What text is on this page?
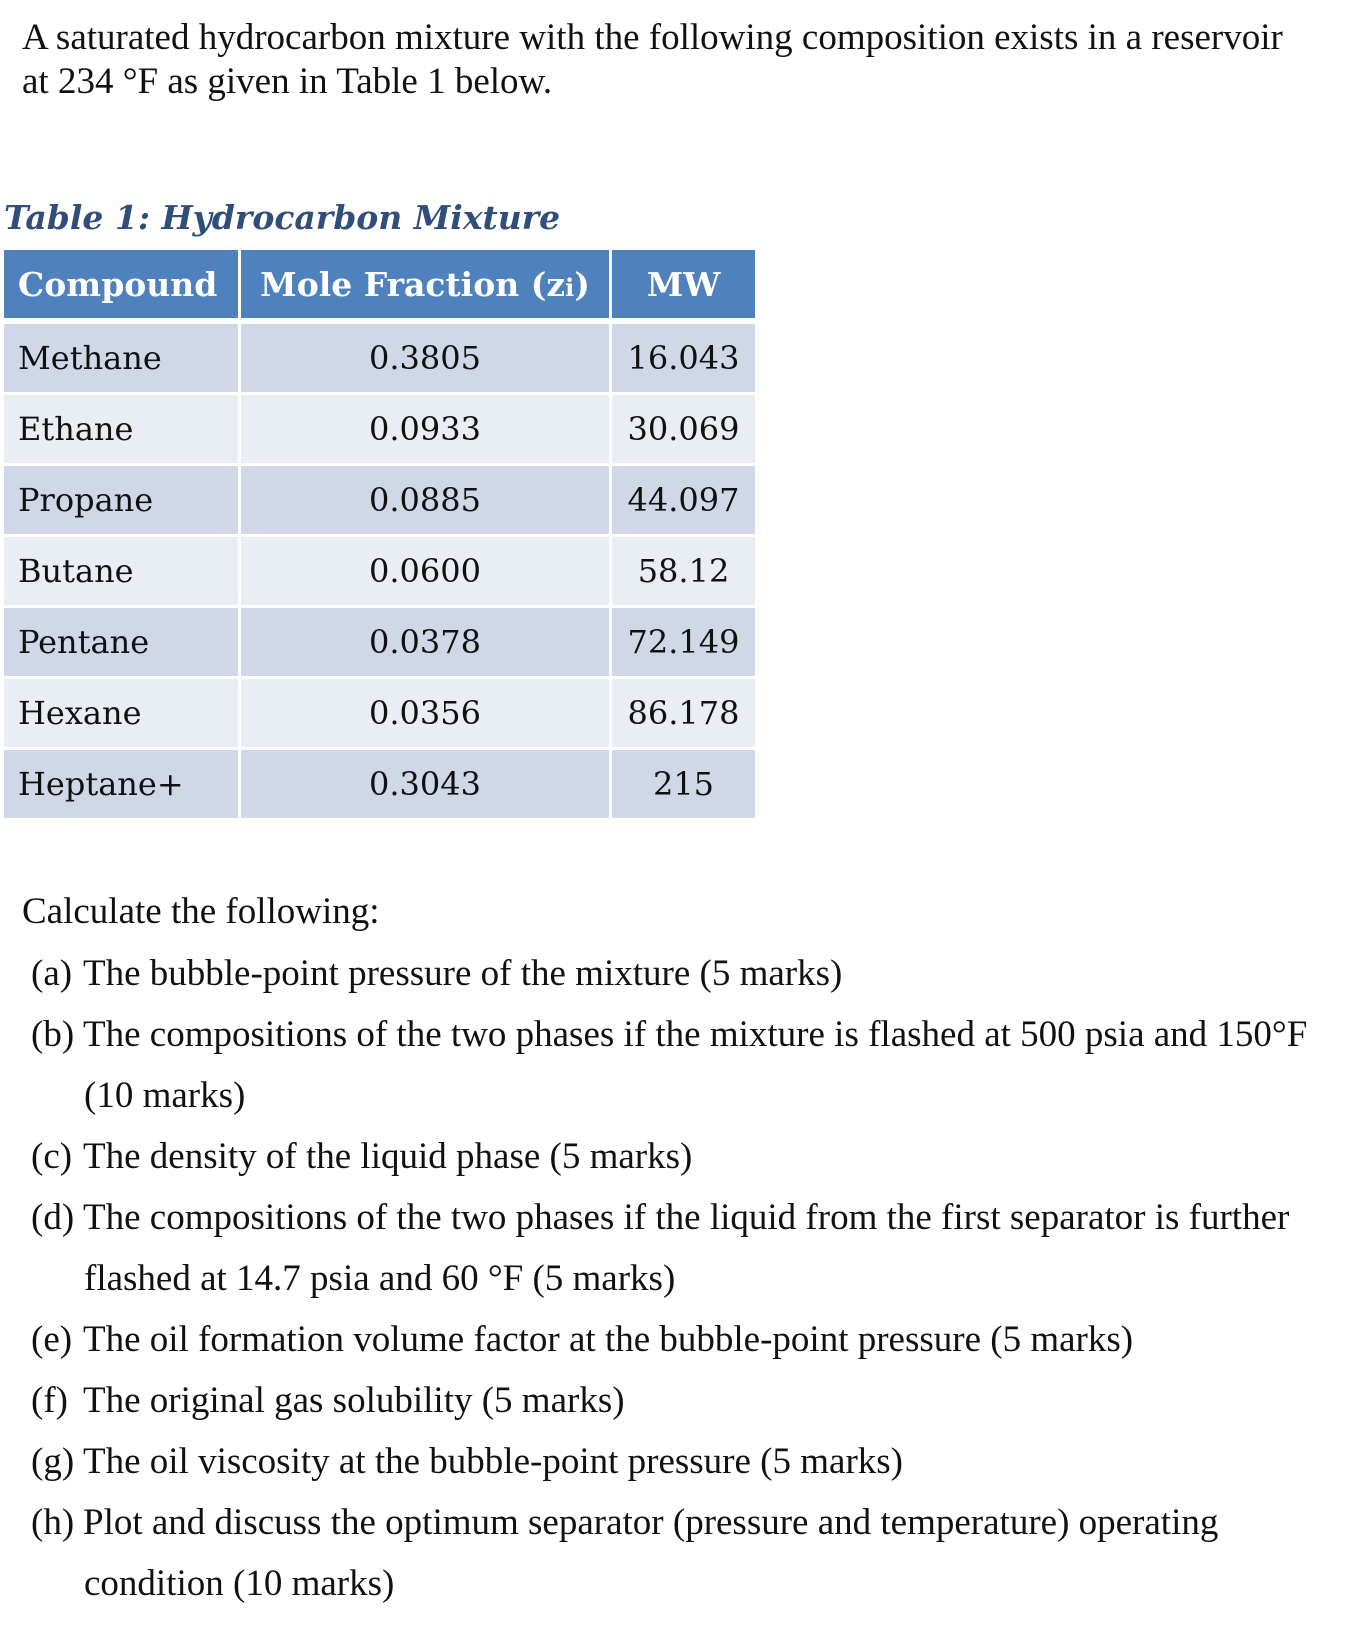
A saturated hydrocarbon mixture with the following composition exists in a reservoir
at 234 °F as given in Table 1 below.
Table 1: Hydrocarbon Mixture
Compound	Mole Fraction (zi)	MW
Methane	0.3805	16.043
Ethane	0.0933	30.069
Propane	0.0885	44.097
Butane	0.0600	58.12
Pentane	0.0378	72.149
Hexane	0.0356	86.178
Heptane+	0.3043	215
Calculate the following:
(a) The bubble-point pressure of the mixture (5 marks)
(b) The compositions of the two phases if the mixture is flashed at 500 psia and 150°F
(10 marks)
(c) The density of the liquid phase (5 marks)
(d) The compositions of the two phases if the liquid from the first separator is further
flashed at 14.7 psia and 60 °F (5 marks)
(e) The oil formation volume factor at the bubble-point pressure (5 marks)
(f) The original gas solubility (5 marks)
(g) The oil viscosity at the bubble-point pressure (5 marks)
(h) Plot and discuss the optimum separator (pressure and temperature) operating
condition (10 marks)
